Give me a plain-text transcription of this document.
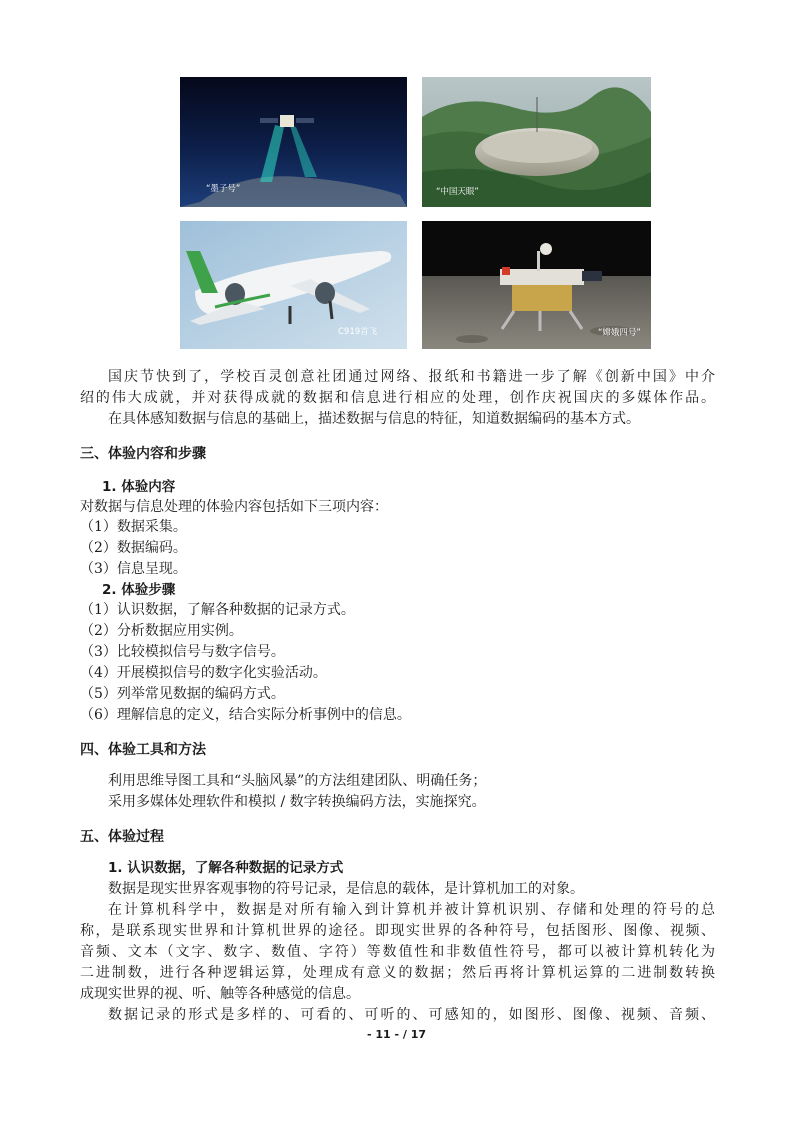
“墨子号”	“中国天眼”
C919首飞	“嫦娥四号”
国庆节快到了，学校百灵创意社团通过网络、报纸和书籍进一步了解《创新中国》中介
绍的伟大成就，并对获得成就的数据和信息进行相应的处理，创作庆祝国庆的多媒体作品。
在具体感知数据与信息的基础上，描述数据与信息的特征，知道数据编码的基本方式。
三、体验内容和步骤
1. 体验内容
对数据与信息处理的体验内容包括如下三项内容：
（1）数据采集。
（2）数据编码。
（3）信息呈现。
2. 体验步骤
（1）认识数据，了解各种数据的记录方式。
（2）分析数据应用实例。
（3）比较模拟信号与数字信号。
（4）开展模拟信号的数字化实验活动。
（5）列举常见数据的编码方式。
（6）理解信息的定义，结合实际分析事例中的信息。
四、体验工具和方法
利用思维导图工具和“头脑风暴”的方法组建团队、明确任务；
采用多媒体处理软件和模拟 / 数字转换编码方法，实施探究。
五、体验过程
1. 认识数据，了解各种数据的记录方式
数据是现实世界客观事物的符号记录，是信息的载体，是计算机加工的对象。
在计算机科学中，数据是对所有输入到计算机并被计算机识别、存储和处理的符号的总
称，是联系现实世界和计算机世界的途径。即现实世界的各种符号，包括图形、图像、视频、
音频、文本（文字、数字、数值、字符）等数值性和非数值性符号，都可以被计算机转化为
二进制数，进行各种逻辑运算，处理成有意义的数据；然后再将计算机运算的二进制数转换
成现实世界的视、听、触等各种感觉的信息。
数据记录的形式是多样的、可看的、可听的、可感知的，如图形、图像、视频、音频、
- 11 - / 17
